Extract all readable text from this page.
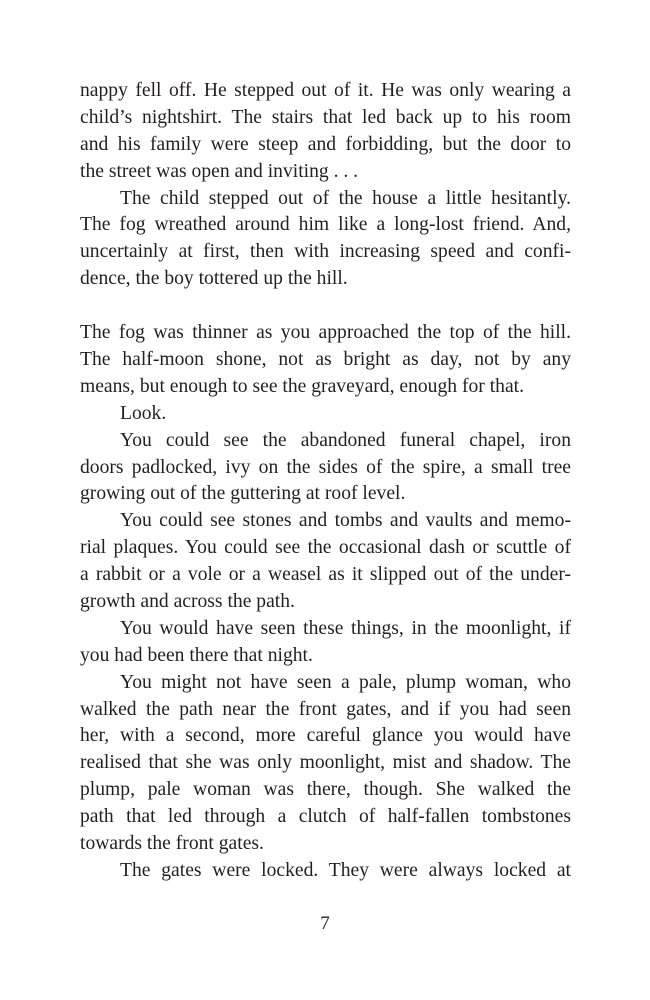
nappy fell off. He stepped out of it. He was only wearing a
child’s nightshirt. The stairs that led back up to his room
and his family were steep and forbidding, but the door to
the street was open and inviting . . .
The child stepped out of the house a little hesitantly.
The fog wreathed around him like a long-lost friend. And,
uncertainly at first, then with increasing speed and confi-
dence, the boy tottered up the hill.
The fog was thinner as you approached the top of the hill.
The half-moon shone, not as bright as day, not by any
means, but enough to see the graveyard, enough for that.
Look.
You could see the abandoned funeral chapel, iron
doors padlocked, ivy on the sides of the spire, a small tree
growing out of the guttering at roof level.
You could see stones and tombs and vaults and memo-
rial plaques. You could see the occasional dash or scuttle of
a rabbit or a vole or a weasel as it slipped out of the under-
growth and across the path.
You would have seen these things, in the moonlight, if
you had been there that night.
You might not have seen a pale, plump woman, who
walked the path near the front gates, and if you had seen
her, with a second, more careful glance you would have
realised that she was only moonlight, mist and shadow. The
plump, pale woman was there, though. She walked the
path that led through a clutch of half-fallen tombstones
towards the front gates.
The gates were locked. They were always locked at
7
